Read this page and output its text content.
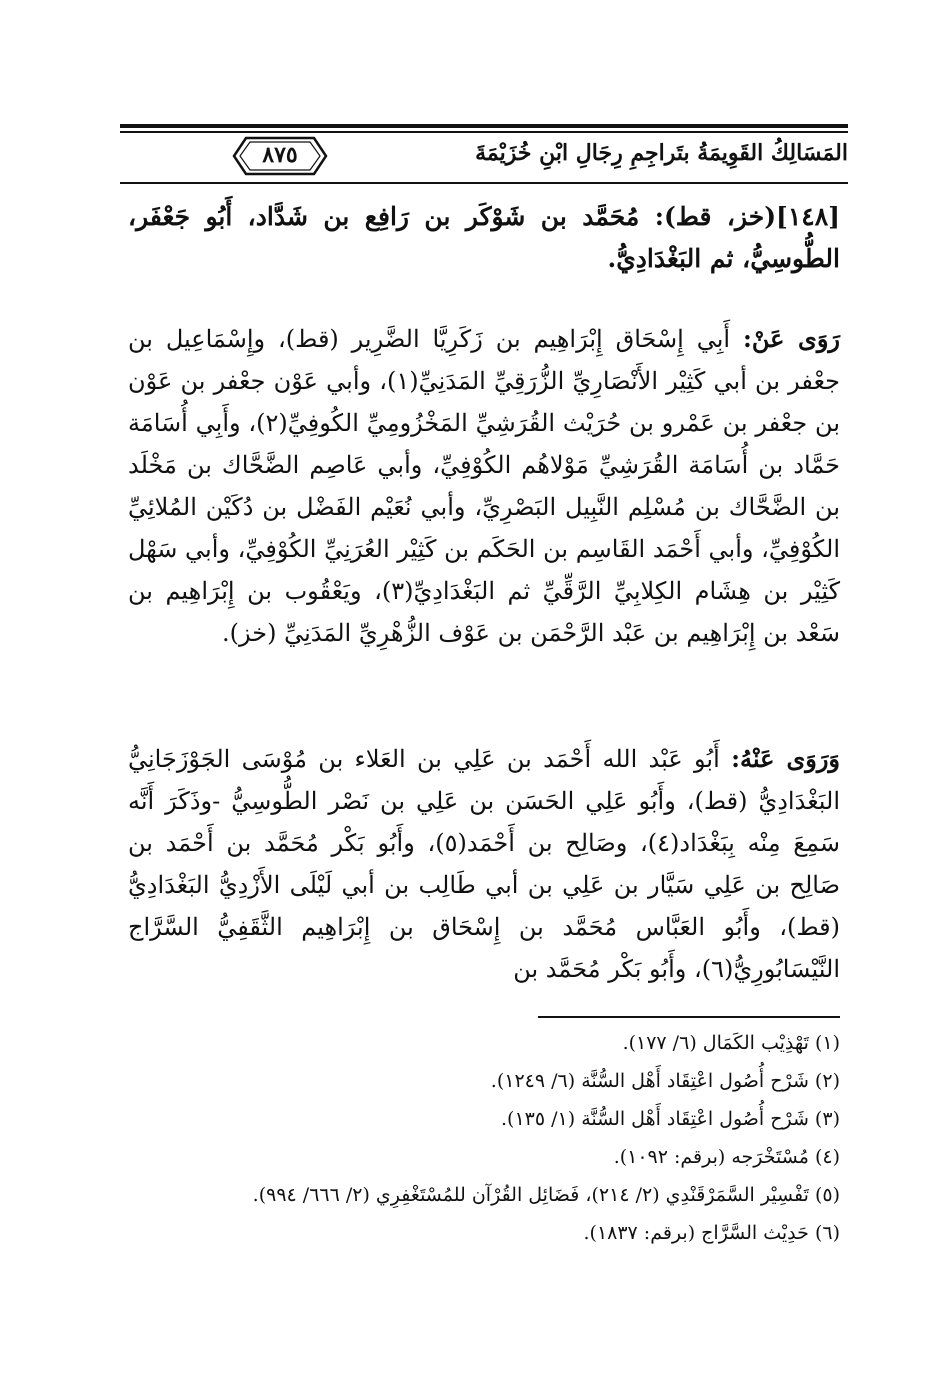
المَسَالِكُ القَوِيمَةُ بتَراجِمِ رِجَالِ ابْنِ خُزَيْمَةَ
٨٧٥
[١٤٨](خز، قط): مُحَمَّد بن شَوْكَر بن رَافِع بن شَدَّاد، أَبُو جَعْفَر، الطُّوسِيُّ، ثم البَغْدَادِيُّ.
رَوَى عَنْ: أَبِي إِسْحَاق إِبْرَاهِيم بن زَكَرِيَّا الضَّرِير (قط)، وإِسْمَاعِيل بن جعْفر بن أبي كَثِيْر الأَنْصَارِيِّ الزُّرَقِيِّ المَدَنِيِّ(١)، وأبي عَوْن جعْفر بن عَوْن بن جعْفر بن عَمْرو بن حُرَيْث القُرَشِيِّ المَخْزُومِيِّ الكُوفِيِّ(٢)، وأَبِي أُسَامَة حَمَّاد بن أُسَامَة القُرَشِيِّ مَوْلاهُم الكُوْفِيِّ، وأبي عَاصِم الضَّحَّاك بن مَخْلَد بن الضَّحَّاك بن مُسْلِم النَّبِيل البَصْرِيِّ، وأبي نُعَيْم الفَضْل بن دُكَيْن المُلائِيِّ الكُوْفِيِّ، وأبي أَحْمَد القَاسِم بن الحَكَم بن كَثِيْر العُرَنِيِّ الكُوْفِيِّ، وأبي سَهْل كَثِيْر بن هِشَام الكِلابِيِّ الرَّقِّيِّ ثم البَغْدَادِيِّ(٣)، ويَعْقُوب بن إِبْرَاهِيم بن سَعْد بن إِبْرَاهِيم بن عَبْد الرَّحْمَن بن عَوْف الزُّهْرِيِّ المَدَنِيِّ (خز).
وَرَوَى عَنْهُ: أَبُو عَبْد الله أَحْمَد بن عَلِي بن العَلاء بن مُوْسَى الجَوْزَجَانِيُّ البَغْدَادِيُّ (قط)، وأَبُو عَلِي الحَسَن بن عَلِي بن نَصْر الطُّوسِيُّ -وذَكَرَ أَنَّه سَمِعَ مِنْه بِبَغْدَاد(٤)، وصَالِح بن أَحْمَد(٥)، وأَبُو بَكْر مُحَمَّد بن أَحْمَد بن صَالِح بن عَلِي سَيَّار بن عَلِي بن أبي طَالِب بن أبي لَيْلَى الأَزْدِيُّ البَغْدَادِيُّ (قط)، وأَبُو العَبَّاس مُحَمَّد بن إِسْحَاق بن إِبْرَاهِيم الثَّقَفِيُّ السَّرَّاج النَّيْسَابُورِيُّ(٦)، وأَبُو بَكْر مُحَمَّد بن
(١) تَهْذِيْب الكَمَال (٦/ ١٧٧).
(٢) شَرْح أُصُول اعْتِقَاد أَهْل السُّنَّة (٦/ ١٢٤٩).
(٣) شَرْح أُصُول اعْتِقَاد أَهْل السُّنَّة (١/ ١٣٥).
(٤) مُسْتَخْرَجه (برقم: ١٠٩٢).
(٥) تَفْسِيْر السَّمَرْقَنْدِي (٢/ ٢١٤)، فَضَائِل القُرْآن للمُسْتَغْفِرِي (٢/ ٦٦٦/ ٩٩٤).
(٦) حَدِيْث السَّرَّاج (برقم: ١٨٣٧).
